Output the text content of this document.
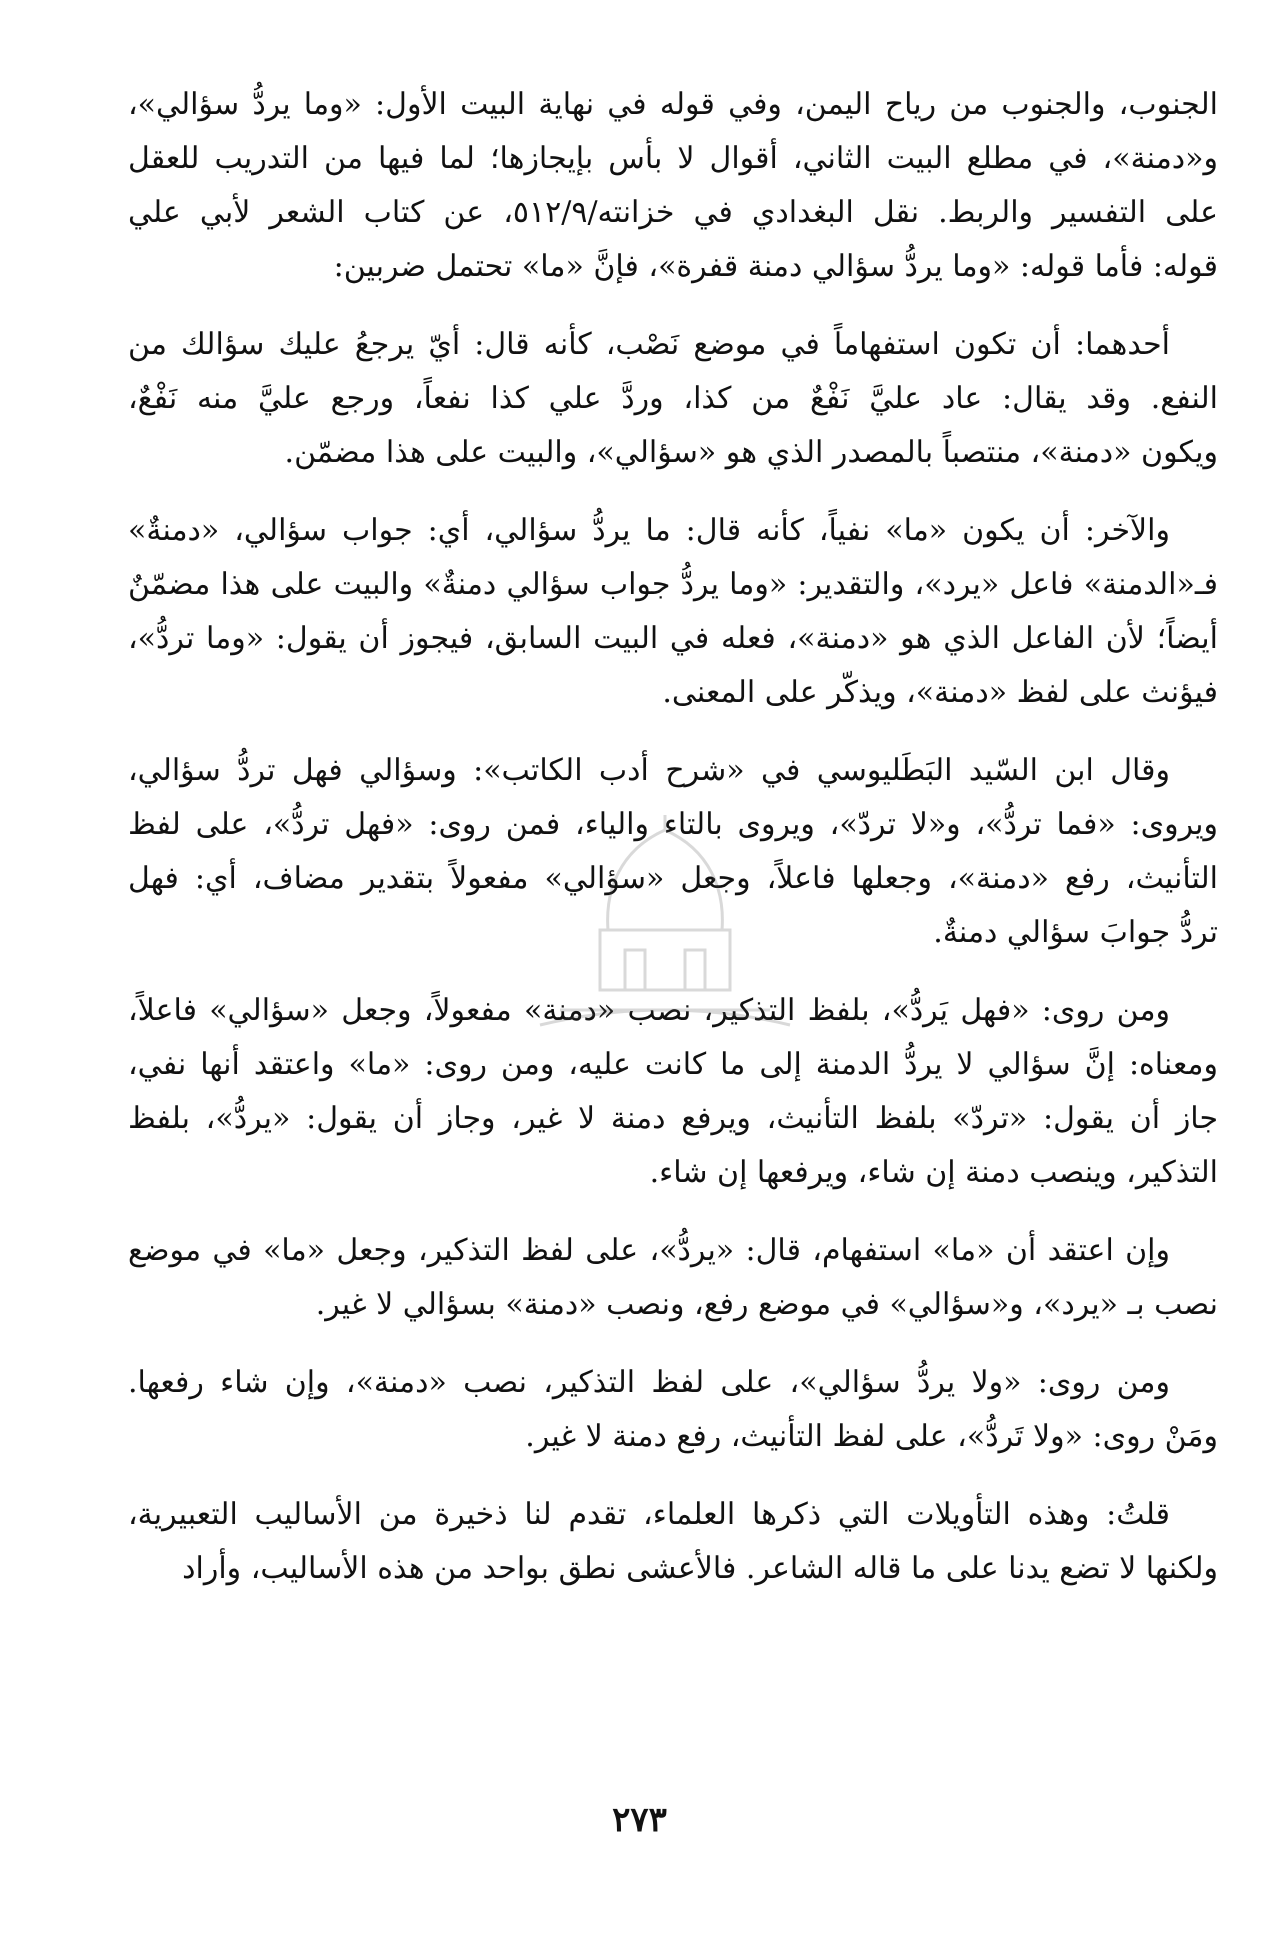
الجنوب، والجنوب من رياح اليمن، وفي قوله في نهاية البيت الأول: «وما يردُّ سؤالي»،
و«دمنة»، في مطلع البيت الثاني، أقوال لا بأس بإيجازها؛ لما فيها من التدريب للعقل
على التفسير والربط. نقل البغدادي في خزانته/٥١٢/٩، عن كتاب الشعر لأبي علي
قوله: فأما قوله: «وما يردُّ سؤالي دمنة قفرة»، فإنَّ «ما» تحتمل ضربين:
أحدهما: أن تكون استفهاماً في موضع نَصْب، كأنه قال: أيّ يرجعُ عليك سؤالك من
النفع. وقد يقال: عاد عليَّ نَفْعٌ من كذا، وردَّ علي كذا نفعاً، ورجع عليَّ منه نَفْعٌ،
ويكون «دمنة»، منتصباً بالمصدر الذي هو «سؤالي»، والبيت على هذا مضمّن.
والآخر: أن يكون «ما» نفياً، كأنه قال: ما يردُّ سؤالي، أي: جواب سؤالي، «دمنةٌ»
فـ«الدمنة» فاعل «يرد»، والتقدير: «وما يردُّ جواب سؤالي دمنةٌ» والبيت على هذا مضمّنٌ
أيضاً؛ لأن الفاعل الذي هو «دمنة»، فعله في البيت السابق، فيجوز أن يقول: «وما تردُّ»،
فيؤنث على لفظ «دمنة»، ويذكّر على المعنى.
وقال ابن السّيد البَطَليوسي في «شرح أدب الكاتب»: وسؤالي فهل تردُّ سؤالي،
ويروى: «فما تردُّ»، و«لا تردّ»، ويروى بالتاء والياء، فمن روى: «فهل تردُّ»، على لفظ
التأنيث، رفع «دمنة»، وجعلها فاعلاً، وجعل «سؤالي» مفعولاً بتقدير مضاف، أي: فهل
تردُّ جوابَ سؤالي دمنةٌ.
ومن روى: «فهل يَردُّ»، بلفظ التذكير، نصب «دمنة» مفعولاً، وجعل «سؤالي» فاعلاً،
ومعناه: إنَّ سؤالي لا يردُّ الدمنة إلى ما كانت عليه، ومن روى: «ما» واعتقد أنها نفي،
جاز أن يقول: «تردّ» بلفظ التأنيث، ويرفع دمنة لا غير، وجاز أن يقول: «يردُّ»، بلفظ
التذكير، وينصب دمنة إن شاء، ويرفعها إن شاء.
وإن اعتقد أن «ما» استفهام، قال: «يردُّ»، على لفظ التذكير، وجعل «ما» في موضع
نصب بـ «يرد»، و«سؤالي» في موضع رفع، ونصب «دمنة» بسؤالي لا غير.
ومن روى: «ولا يردُّ سؤالي»، على لفظ التذكير، نصب «دمنة»، وإن شاء رفعها.
ومَنْ روى: «ولا تَردُّ»، على لفظ التأنيث، رفع دمنة لا غير.
قلتُ: وهذه التأويلات التي ذكرها العلماء، تقدم لنا ذخيرة من الأساليب التعبيرية،
ولكنها لا تضع يدنا على ما قاله الشاعر. فالأعشى نطق بواحد من هذه الأساليب، وأراد
٢٧٣
